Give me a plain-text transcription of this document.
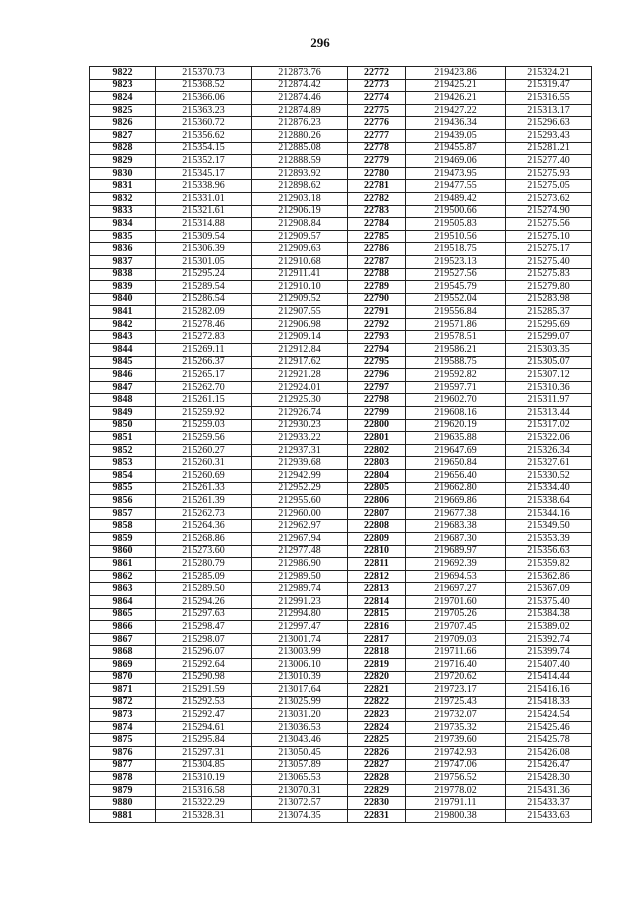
296
9822	215370.73	212873.76	22772	219423.86	215324.21
9823	215368.52	212874.42	22773	219425.21	215319.47
9824	215366.06	212874.46	22774	219426.21	215316.55
9825	215363.23	212874.89	22775	219427.22	215313.17
9826	215360.72	212876.23	22776	219436.34	215296.63
9827	215356.62	212880.26	22777	219439.05	215293.43
9828	215354.15	212885.08	22778	219455.87	215281.21
9829	215352.17	212888.59	22779	219469.06	215277.40
9830	215345.17	212893.92	22780	219473.95	215275.93
9831	215338.96	212898.62	22781	219477.55	215275.05
9832	215331.01	212903.18	22782	219489.42	215273.62
9833	215321.61	212906.19	22783	219500.66	215274.90
9834	215314.88	212908.84	22784	219505.83	215275.56
9835	215309.54	212909.57	22785	219510.56	215275.10
9836	215306.39	212909.63	22786	219518.75	215275.17
9837	215301.05	212910.68	22787	219523.13	215275.40
9838	215295.24	212911.41	22788	219527.56	215275.83
9839	215289.54	212910.10	22789	219545.79	215279.80
9840	215286.54	212909.52	22790	219552.04	215283.98
9841	215282.09	212907.55	22791	219556.84	215285.37
9842	215278.46	212906.98	22792	219571.86	215295.69
9843	215272.83	212909.14	22793	219578.51	215299.07
9844	215269.11	212912.84	22794	219586.21	215303.35
9845	215266.37	212917.62	22795	219588.75	215305.07
9846	215265.17	212921.28	22796	219592.82	215307.12
9847	215262.70	212924.01	22797	219597.71	215310.36
9848	215261.15	212925.30	22798	219602.70	215311.97
9849	215259.92	212926.74	22799	219608.16	215313.44
9850	215259.03	212930.23	22800	219620.19	215317.02
9851	215259.56	212933.22	22801	219635.88	215322.06
9852	215260.27	212937.31	22802	219647.69	215326.34
9853	215260.31	212939.68	22803	219650.84	215327.61
9854	215260.69	212942.99	22804	219656.40	215330.52
9855	215261.33	212952.29	22805	219662.80	215334.40
9856	215261.39	212955.60	22806	219669.86	215338.64
9857	215262.73	212960.00	22807	219677.38	215344.16
9858	215264.36	212962.97	22808	219683.38	215349.50
9859	215268.86	212967.94	22809	219687.30	215353.39
9860	215273.60	212977.48	22810	219689.97	215356.63
9861	215280.79	212986.90	22811	219692.39	215359.82
9862	215285.09	212989.50	22812	219694.53	215362.86
9863	215289.50	212989.74	22813	219697.27	215367.09
9864	215294.26	212991.23	22814	219701.60	215375.40
9865	215297.63	212994.80	22815	219705.26	215384.38
9866	215298.47	212997.47	22816	219707.45	215389.02
9867	215298.07	213001.74	22817	219709.03	215392.74
9868	215296.07	213003.99	22818	219711.66	215399.74
9869	215292.64	213006.10	22819	219716.40	215407.40
9870	215290.98	213010.39	22820	219720.62	215414.44
9871	215291.59	213017.64	22821	219723.17	215416.16
9872	215292.53	213025.99	22822	219725.43	215418.33
9873	215292.47	213031.20	22823	219732.07	215424.54
9874	215294.61	213036.53	22824	219735.32	215425.46
9875	215295.84	213043.46	22825	219739.60	215425.78
9876	215297.31	213050.45	22826	219742.93	215426.08
9877	215304.85	213057.89	22827	219747.06	215426.47
9878	215310.19	213065.53	22828	219756.52	215428.30
9879	215316.58	213070.31	22829	219778.02	215431.36
9880	215322.29	213072.57	22830	219791.11	215433.37
9881	215328.31	213074.35	22831	219800.38	215433.63
